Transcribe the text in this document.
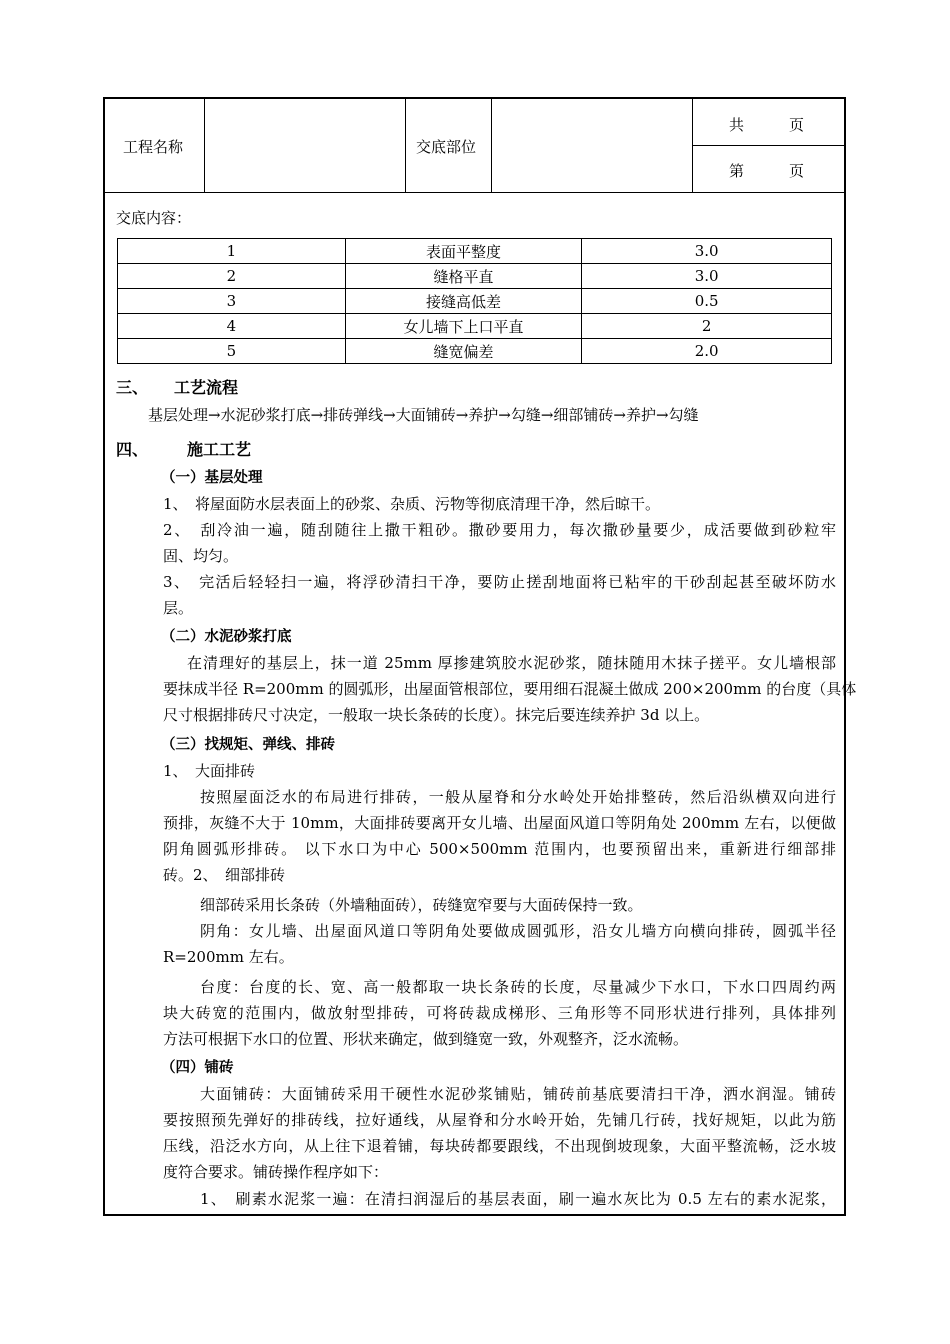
工程名称	交底部位
共　　　页
第　　　页
交底内容：
1	表面平整度	3.0
2	缝格平直	3.0
3	接缝高低差	0.5
4	女儿墙下上口平直	2
5	缝宽偏差	2.0
三、 工艺流程
基层处理→水泥砂浆打底→排砖弹线→大面铺砖→养护→勾缝→细部铺砖→养护→勾缝
四、 施工工艺
（一）基层处理
1、　将屋面防水层表面上的砂浆、杂质、污物等彻底清理干净，然后晾干。
2、　刮冷油一遍，随刮随往上撒干粗砂。撒砂要用力，每次撒砂量要少，成活要做到砂粒牢
固、均匀。
3、　完活后轻轻扫一遍，将浮砂清扫干净，要防止搓刮地面将已粘牢的干砂刮起甚至破坏防水
层。
（二）水泥砂浆打底
在清理好的基层上，抹一道 25mm 厚掺建筑胶水泥砂浆，随抹随用木抹子搓平。女儿墙根部
要抹成半径 R=200mm 的圆弧形，出屋面管根部位，要用细石混凝土做成 200×200mm 的台度（具体
尺寸根据排砖尺寸决定，一般取一块长条砖的长度）。抹完后要连续养护 3d 以上。
（三）找规矩、弹线、排砖
1、　大面排砖
按照屋面泛水的布局进行排砖，一般从屋脊和分水岭处开始排整砖，然后沿纵横双向进行
预排，灰缝不大于 10mm，大面排砖要离开女儿墙、出屋面风道口等阴角处 200mm 左右，以便做
阴角圆弧形排砖。 以下水口为中心 500×500mm 范围内，也要预留出来，重新进行细部排
砖。2、　细部排砖
细部砖采用长条砖（外墙釉面砖），砖缝宽窄要与大面砖保持一致。
阴角：女儿墙、出屋面风道口等阴角处要做成圆弧形，沿女儿墙方向横向排砖，圆弧半径
R=200mm 左右。
台度：台度的长、宽、高一般都取一块长条砖的长度，尽量减少下水口，下水口四周约两
块大砖宽的范围内，做放射型排砖，可将砖裁成梯形、三角形等不同形状进行排列，具体排列
方法可根据下水口的位置、形状来确定，做到缝宽一致，外观整齐，泛水流畅。
（四）铺砖
大面铺砖：大面铺砖采用干硬性水泥砂浆铺贴，铺砖前基底要清扫干净，洒水润湿。铺砖
要按照预先弹好的排砖线，拉好通线，从屋脊和分水岭开始，先铺几行砖，找好规矩，以此为筋
压线，沿泛水方向，从上往下退着铺，每块砖都要跟线，不出现倒坡现象，大面平整流畅，泛水坡
度符合要求。铺砖操作程序如下：
1、　刷素水泥浆一遍：在清扫润湿后的基层表面，刷一遍水灰比为 0.5 左右的素水泥浆，
